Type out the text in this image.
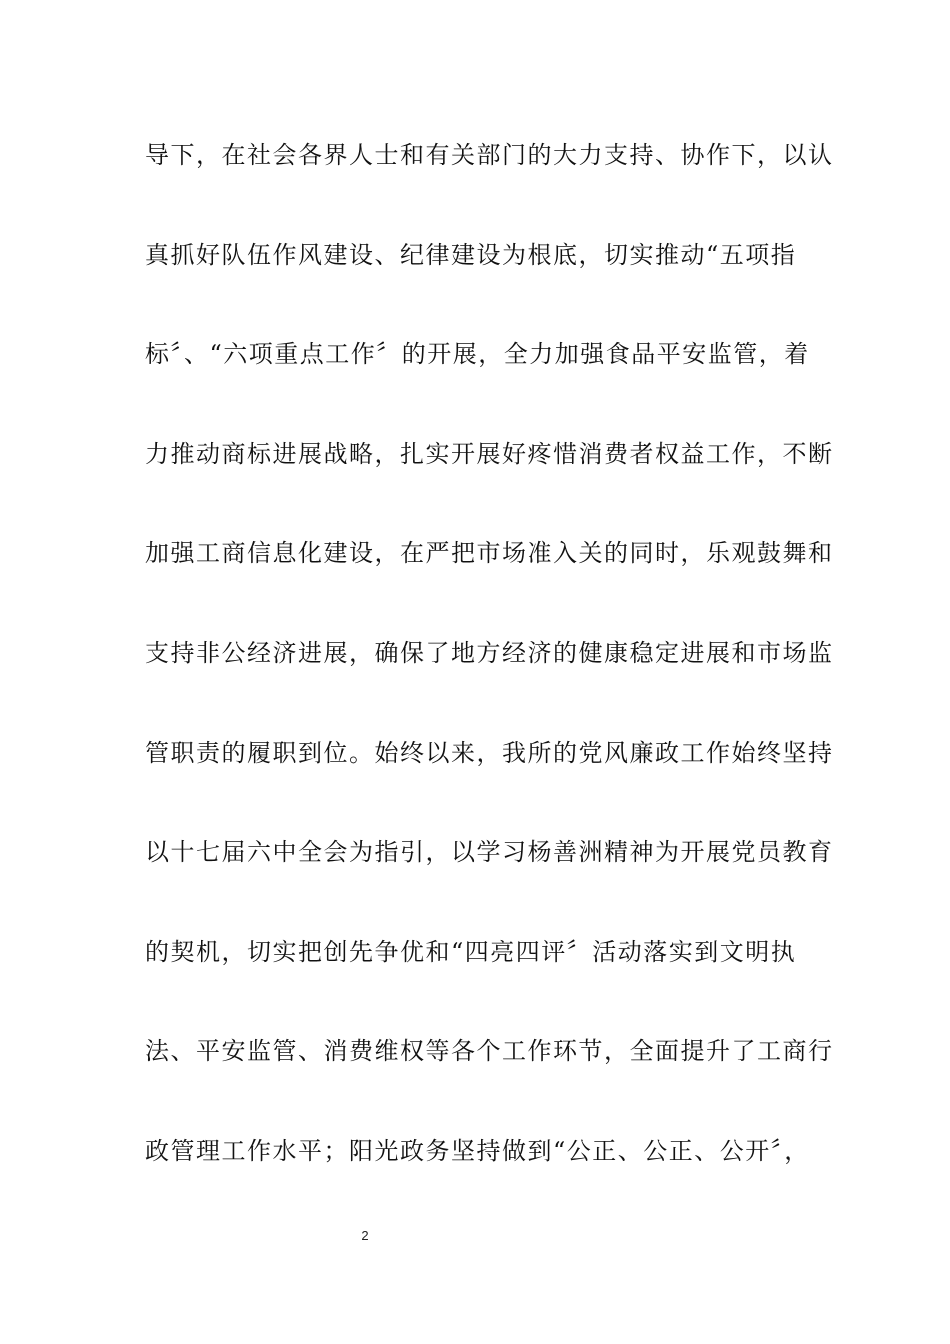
导下，在社会各界人士和有关部门的大力支持、协作下，以认
真抓好队伍作风建设、纪律建设为根底，切实推动“五项指
标〞、“六项重点工作〞的开展，全力加强食品平安监管，着
力推动商标进展战略，扎实开展好疼惜消费者权益工作，不断
加强工商信息化建设，在严把市场准入关的同时，乐观鼓舞和
支持非公经济进展，确保了地方经济的健康稳定进展和市场监
管职责的履职到位。始终以来，我所的党风廉政工作始终坚持
以十七届六中全会为指引，以学习杨善洲精神为开展党员教育
的契机，切实把创先争优和“四亮四评〞活动落实到文明执
法、平安监管、消费维权等各个工作环节，全面提升了工商行
政管理工作水平；阳光政务坚持做到“公正、公正、公开〞，
2
